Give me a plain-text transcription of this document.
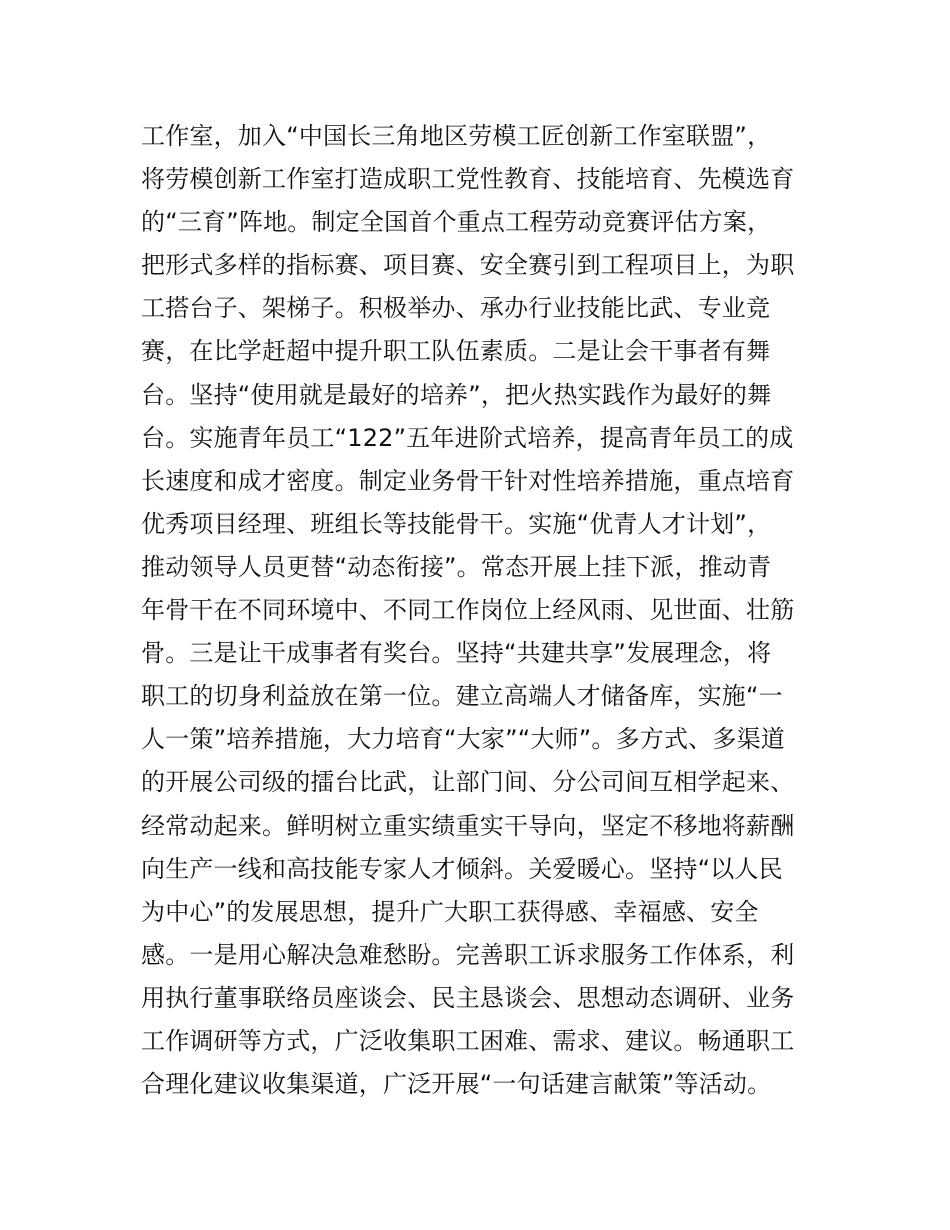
工作室，加入“中国长三角地区劳模工匠创新工作室联盟”，
将劳模创新工作室打造成职工党性教育、技能培育、先模选育
的“三育”阵地。制定全国首个重点工程劳动竞赛评估方案，
把形式多样的指标赛、项目赛、安全赛引到工程项目上，为职
工搭台子、架梯子。积极举办、承办行业技能比武、专业竞
赛，在比学赶超中提升职工队伍素质。二是让会干事者有舞
台。坚持“使用就是最好的培养”，把火热实践作为最好的舞
台。实施青年员工“122”五年进阶式培养，提高青年员工的成
长速度和成才密度。制定业务骨干针对性培养措施，重点培育
优秀项目经理、班组长等技能骨干。实施“优青人才计划”，
推动领导人员更替“动态衔接”。常态开展上挂下派，推动青
年骨干在不同环境中、不同工作岗位上经风雨、见世面、壮筋
骨。三是让干成事者有奖台。坚持“共建共享”发展理念，将
职工的切身利益放在第一位。建立高端人才储备库，实施“一
人一策”培养措施，大力培育“大家”“大师”。多方式、多渠道
的开展公司级的擂台比武，让部门间、分公司间互相学起来、
经常动起来。鲜明树立重实绩重实干导向，坚定不移地将薪酬
向生产一线和高技能专家人才倾斜。关爱暖心。坚持“以人民
为中心”的发展思想，提升广大职工获得感、幸福感、安全
感。一是用心解决急难愁盼。完善职工诉求服务工作体系，利
用执行董事联络员座谈会、民主恳谈会、思想动态调研、业务
工作调研等方式，广泛收集职工困难、需求、建议。畅通职工
合理化建议收集渠道，广泛开展“一句话建言献策”等活动。
